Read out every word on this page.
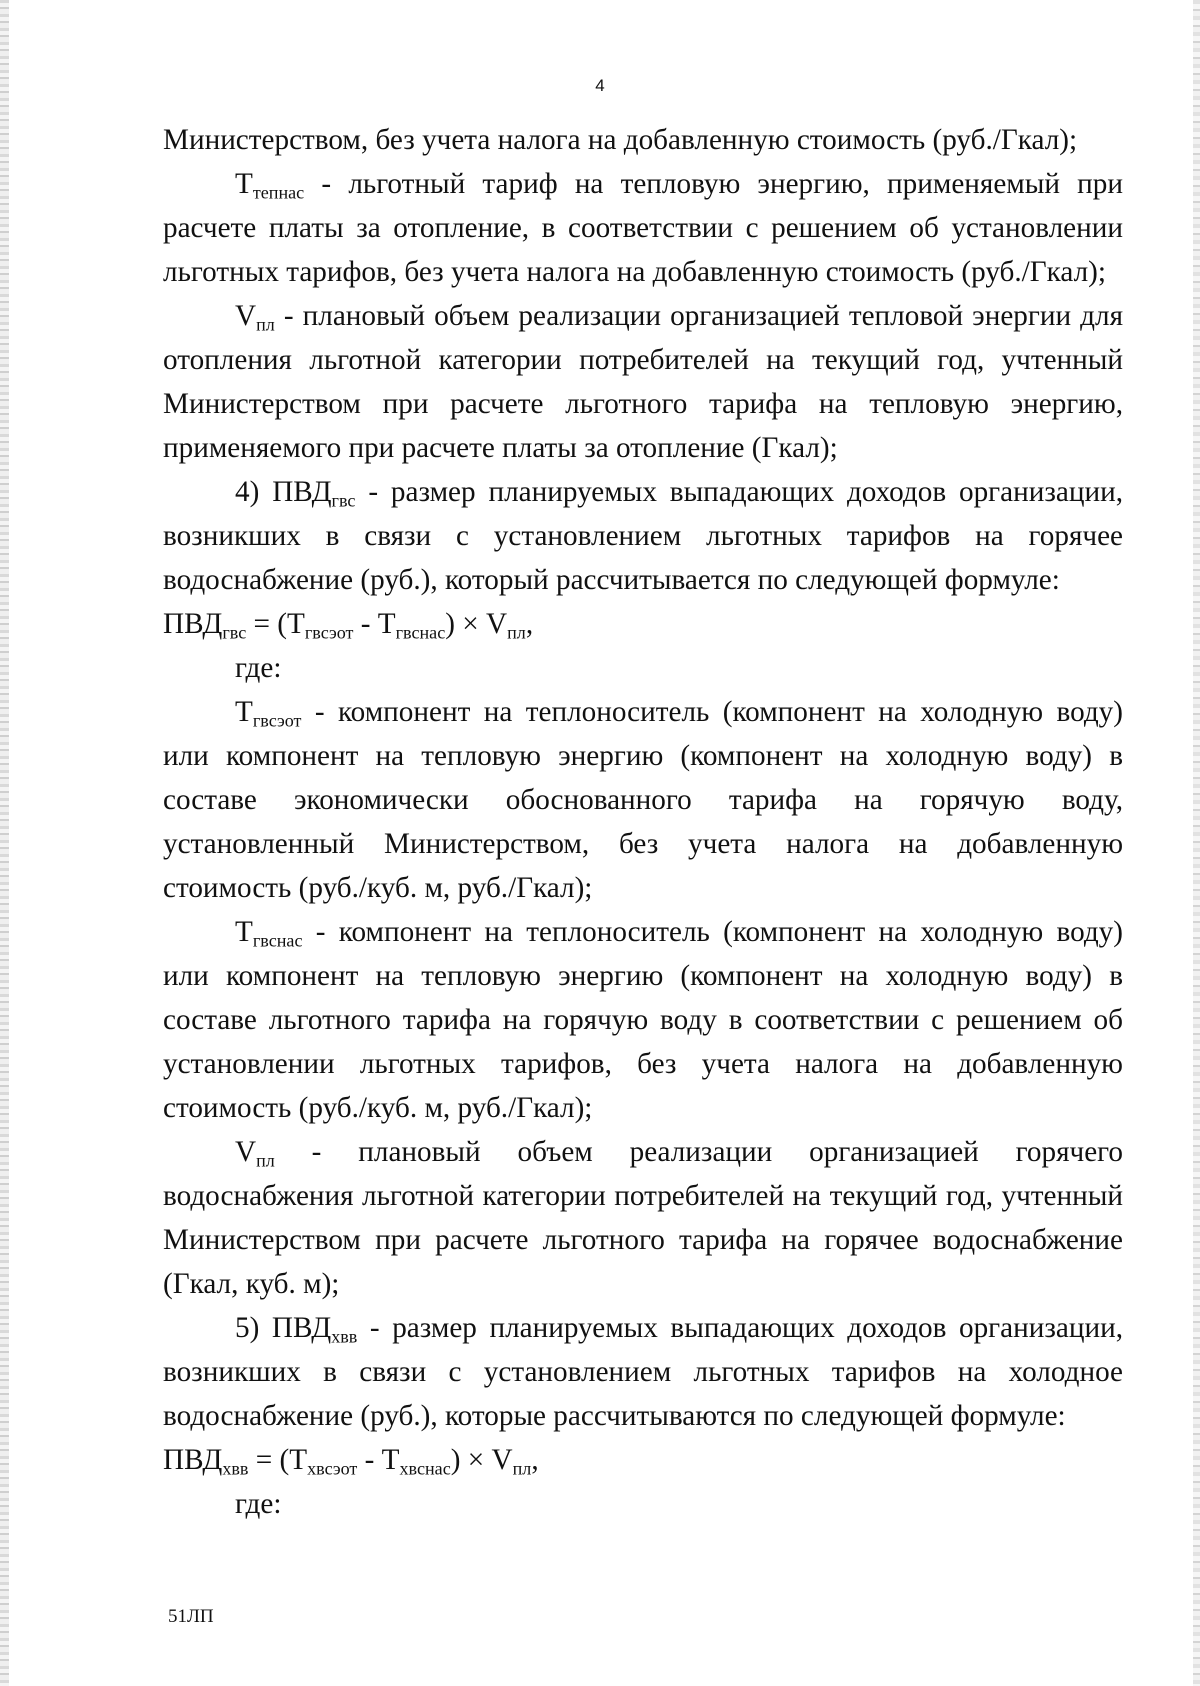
4

Министерством, без учета налога на добавленную стоимость (руб./Гкал);

$Т_{тепнас}$ - льготный тариф на тепловую энергию, применяемый при расчете платы за отопление, в соответствии с решением об установлении льготных тарифов, без учета налога на добавленную стоимость (руб./Гкал);

$V_{пл}$ - плановый объем реализации организацией тепловой энергии для отопления льготной категории потребителей на текущий год, учтенный Министерством при расчете льготного тарифа на тепловую энергию, применяемого при расчете платы за отопление (Гкал);

4) $ПВД_{гвс}$ - размер планируемых выпадающих доходов организации, возникших в связи с установлением льготных тарифов на горячее водоснабжение (руб.), который рассчитывается по следующей формуле:

$ПВД_{гвс} = (Т_{гвсэот} - Т_{гвснас}) \times V_{пл}$,

где:

$Т_{гвсэот}$ - компонент на теплоноситель (компонент на холодную воду) или компонент на тепловую энергию (компонент на холодную воду) в составе экономически обоснованного тарифа на горячую воду, установленный Министерством, без учета налога на добавленную стоимость (руб./куб. м, руб./Гкал);

$Т_{гвснас}$ - компонент на теплоноситель (компонент на холодную воду) или компонент на тепловую энергию (компонент на холодную воду) в составе льготного тарифа на горячую воду в соответствии с решением об установлении льготных тарифов, без учета налога на добавленную стоимость (руб./куб. м, руб./Гкал);

$V_{пл}$ - плановый объем реализации организацией горячего водоснабжения льготной категории потребителей на текущий год, учтенный Министерством при расчете льготного тарифа на горячее водоснабжение (Гкал, куб. м);

5) $ПВД_{хвв}$ - размер планируемых выпадающих доходов организации, возникших в связи с установлением льготных тарифов на холодное водоснабжение (руб.), которые рассчитываются по следующей формуле:

$ПВД_{хвв} = (Т_{хвсэот} - Т_{хвснас}) \times V_{пл}$,

где:

51ЛП
